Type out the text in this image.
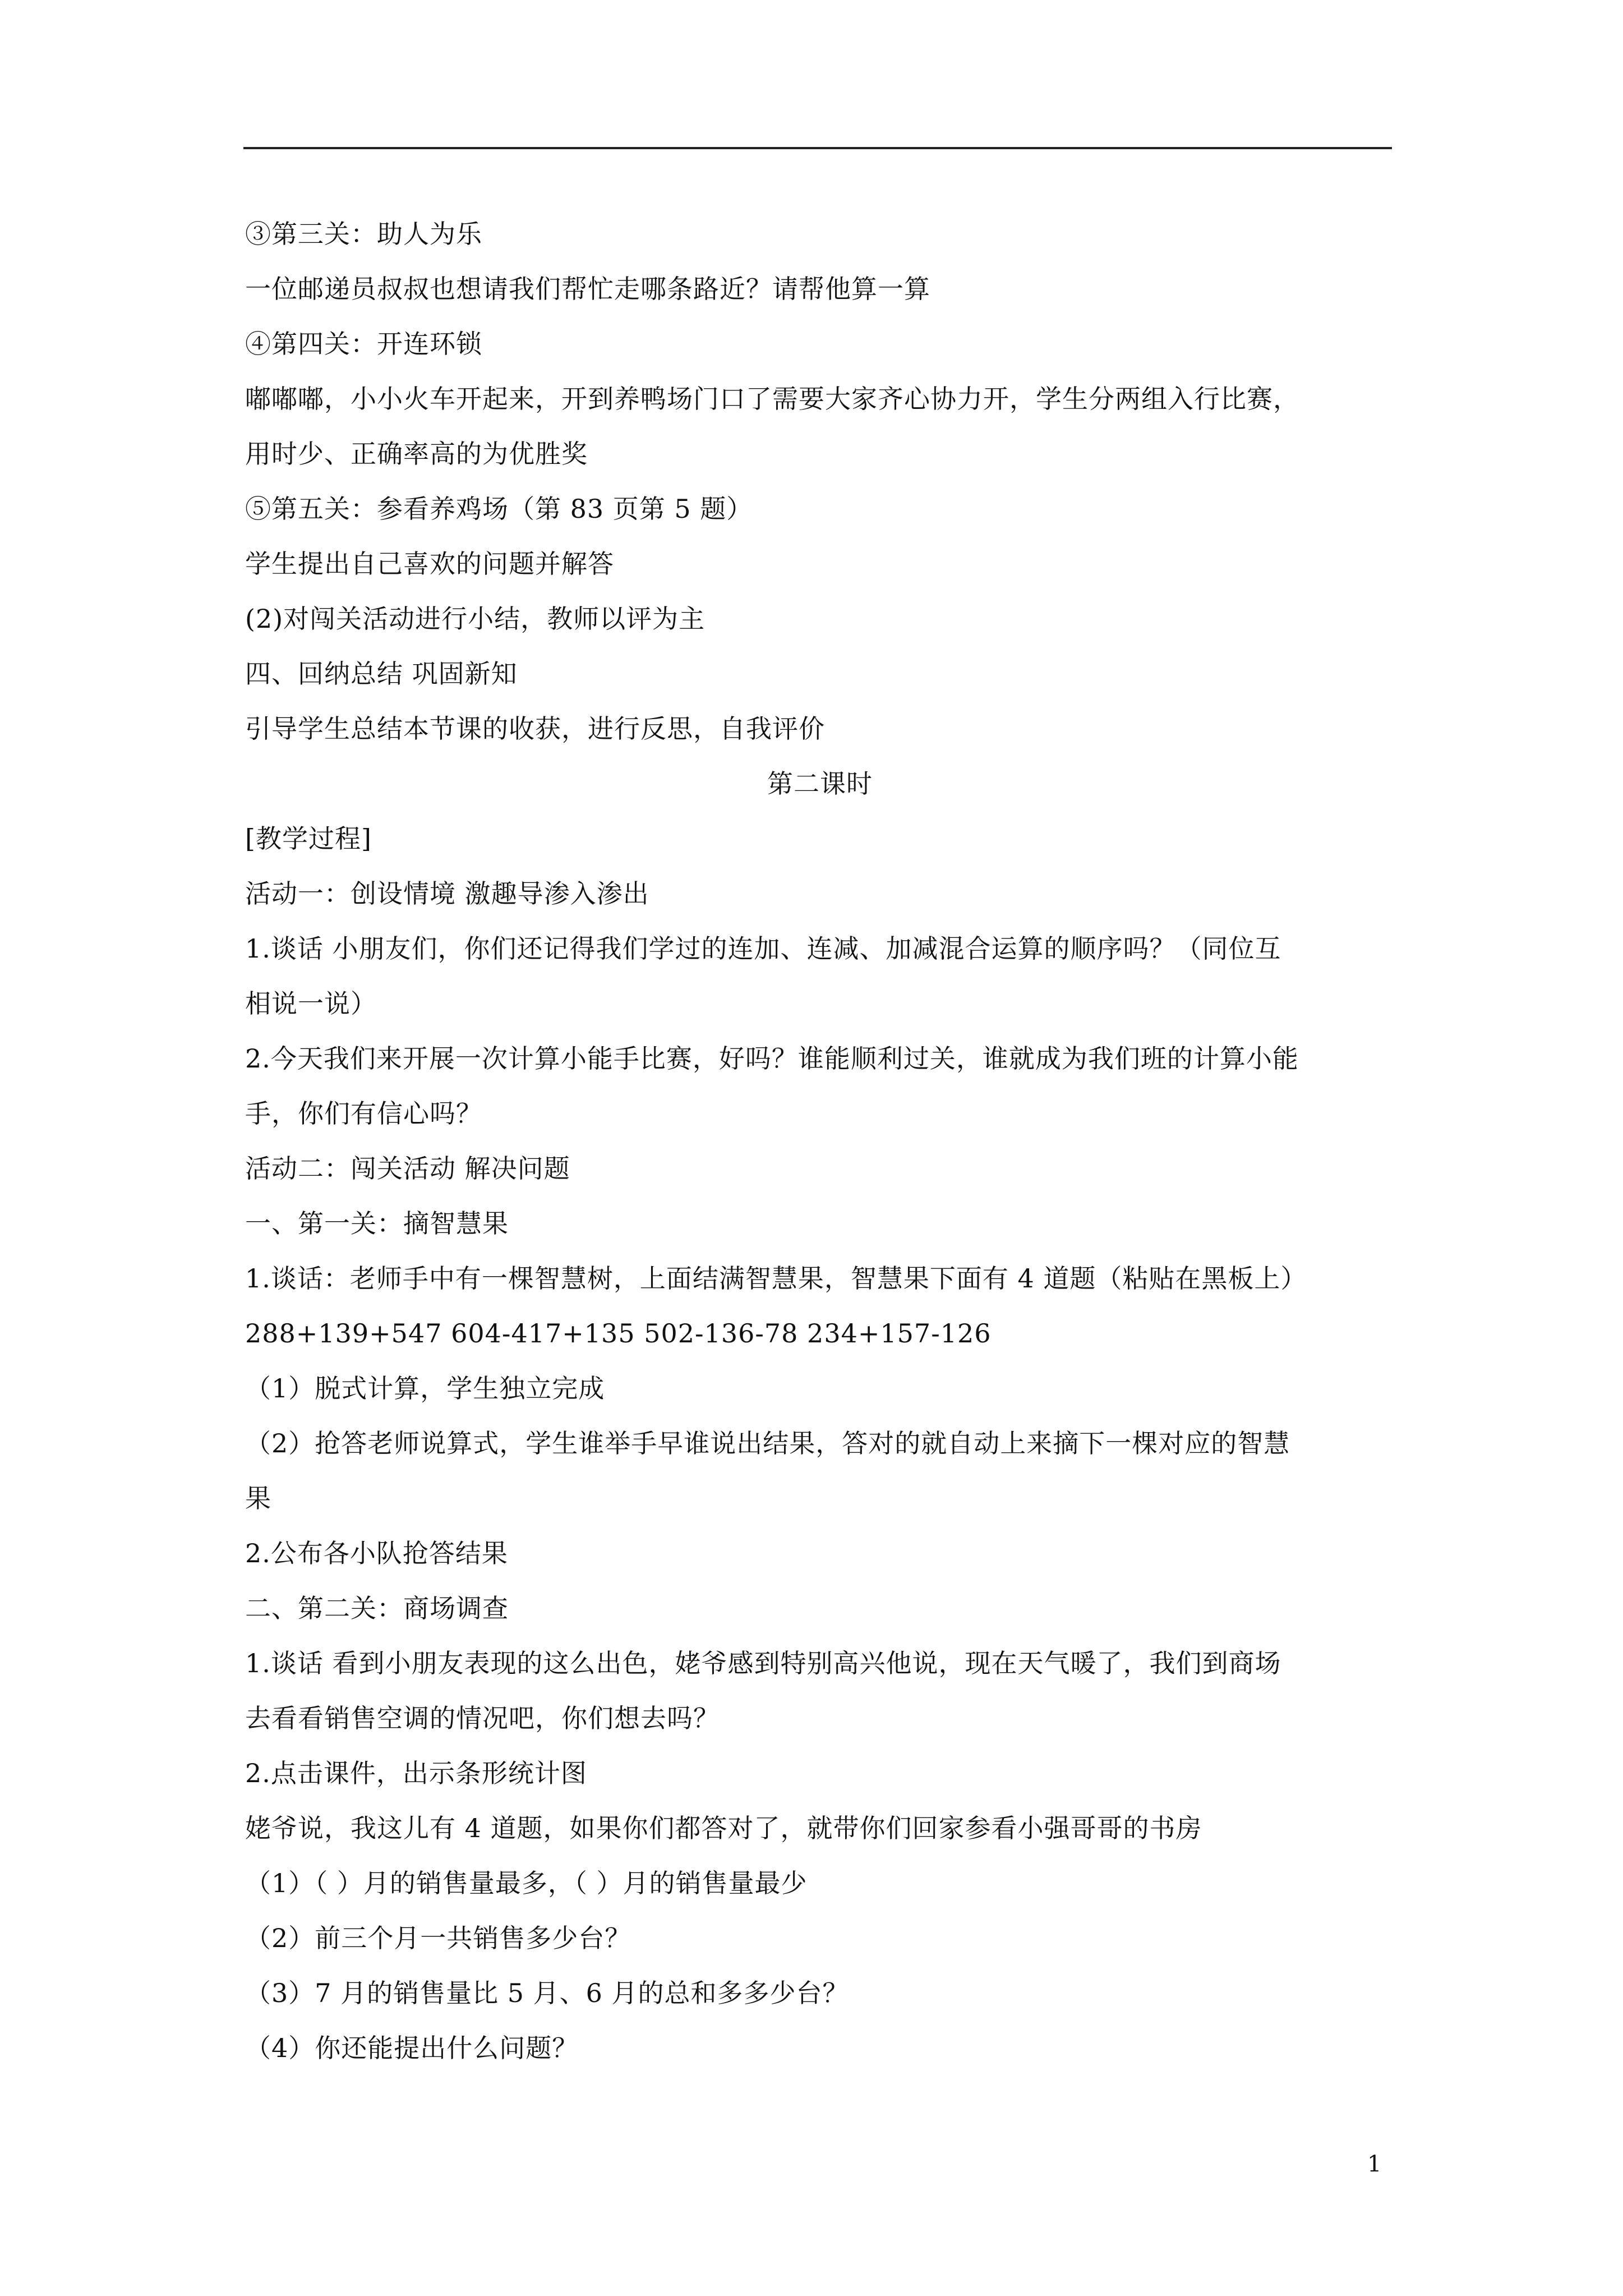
③第三关：助人为乐
一位邮递员叔叔也想请我们帮忙走哪条路近？请帮他算一算
④第四关：开连环锁
嘟嘟嘟，小小火车开起来，开到养鸭场门口了需要大家齐心协力开，学生分两组入行比赛，
用时少、正确率高的为优胜奖
⑤第五关：参看养鸡场（第 83 页第 5 题）
学生提出自己喜欢的问题并解答
(2)对闯关活动进行小结，教师以评为主
四、回纳总结 巩固新知
引导学生总结本节课的收获，进行反思，自我评价
第二课时
[教学过程]
活动一：创设情境 激趣导渗入渗出
1.谈话 小朋友们，你们还记得我们学过的连加、连减、加减混合运算的顺序吗？（同位互
相说一说）
2.今天我们来开展一次计算小能手比赛，好吗？谁能顺利过关，谁就成为我们班的计算小能
手，你们有信心吗？
活动二：闯关活动 解决问题
一、第一关：摘智慧果
1.谈话：老师手中有一棵智慧树，上面结满智慧果，智慧果下面有 4 道题（粘贴在黑板上）
288+139+547 604-417+135 502-136-78 234+157-126
（1）脱式计算，学生独立完成
（2）抢答老师说算式，学生谁举手早谁说出结果，答对的就自动上来摘下一棵对应的智慧
果
2.公布各小队抢答结果
二、第二关：商场调查
1.谈话 看到小朋友表现的这么出色，姥爷感到特别高兴他说，现在天气暖了，我们到商场
去看看销售空调的情况吧，你们想去吗？
2.点击课件，出示条形统计图
姥爷说，我这儿有 4 道题，如果你们都答对了，就带你们回家参看小强哥哥的书房
（1）（ ）月的销售量最多，（ ）月的销售量最少
（2）前三个月一共销售多少台？
（3）7 月的销售量比 5 月、6 月的总和多多少台？
（4）你还能提出什么问题？
1
